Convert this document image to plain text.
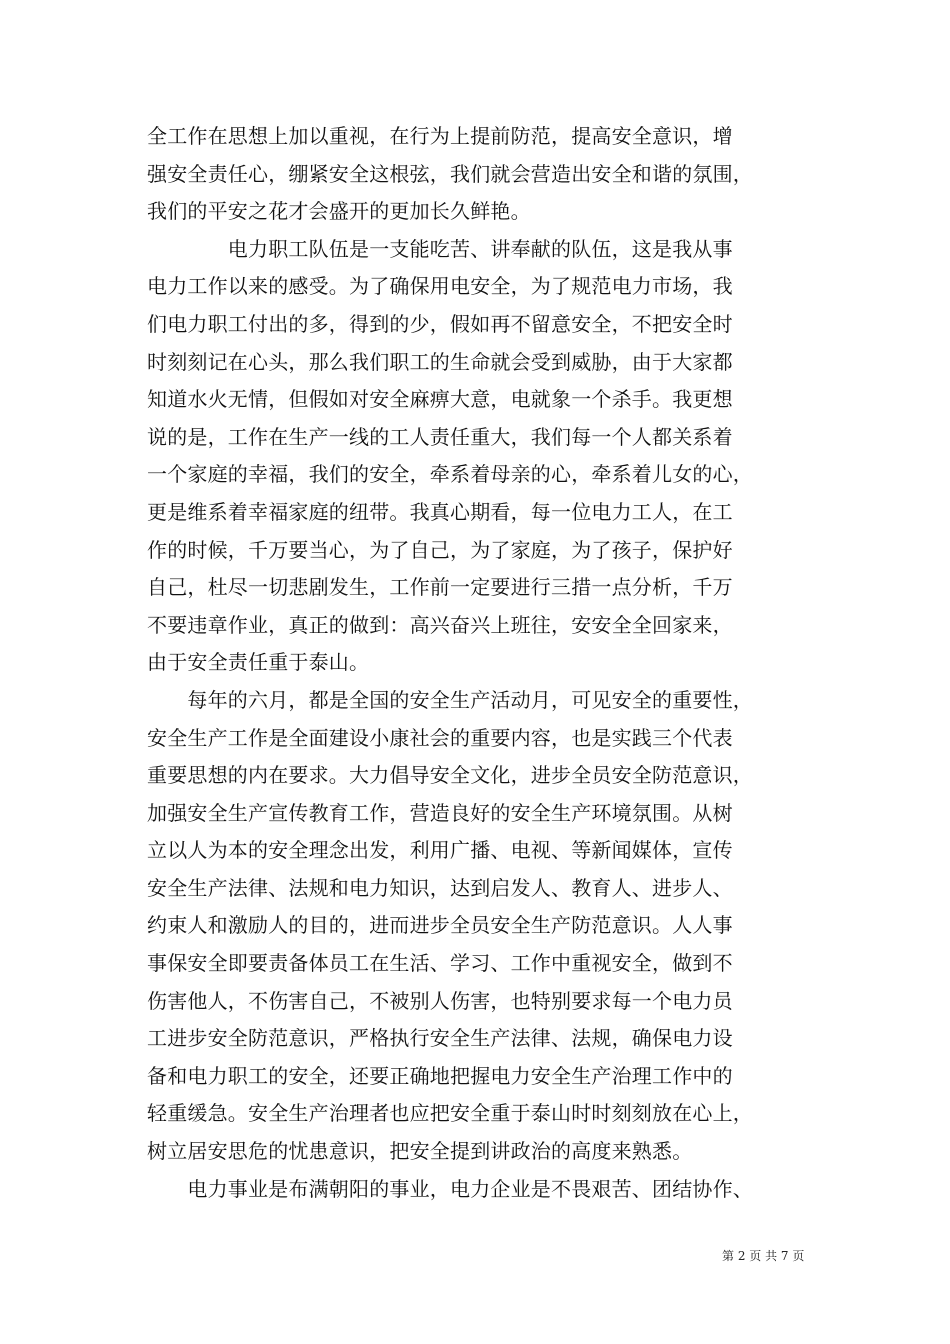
全工作在思想上加以重视，在行为上提前防范，提高安全意识，增
强安全责任心，绷紧安全这根弦，我们就会营造出安全和谐的氛围，
我们的平安之花才会盛开的更加长久鲜艳。
　　　　电力职工队伍是一支能吃苦、讲奉献的队伍，这是我从事
电力工作以来的感受。为了确保用电安全，为了规范电力市场，我
们电力职工付出的多，得到的少，假如再不留意安全，不把安全时
时刻刻记在心头，那么我们职工的生命就会受到威胁，由于大家都
知道水火无情，但假如对安全麻痹大意，电就象一个杀手。我更想
说的是，工作在生产一线的工人责任重大，我们每一个人都关系着
一个家庭的幸福，我们的安全，牵系着母亲的心，牵系着儿女的心，
更是维系着幸福家庭的纽带。我真心期看，每一位电力工人，在工
作的时候，千万要当心，为了自己，为了家庭，为了孩子，保护好
自己，杜尽一切悲剧发生，工作前一定要进行三措一点分析，千万
不要违章作业，真正的做到：高兴奋兴上班往，安安全全回家来，
由于安全责任重于泰山。
　　每年的六月，都是全国的安全生产活动月，可见安全的重要性，
安全生产工作是全面建设小康社会的重要内容，也是实践三个代表
重要思想的内在要求。大力倡导安全文化，进步全员安全防范意识，
加强安全生产宣传教育工作，营造良好的安全生产环境氛围。从树
立以人为本的安全理念出发，利用广播、电视、等新闻媒体，宣传
安全生产法律、法规和电力知识，达到启发人、教育人、进步人、
约束人和激励人的目的，进而进步全员安全生产防范意识。人人事
事保安全即要责备体员工在生活、学习、工作中重视安全，做到不
伤害他人，不伤害自己，不被别人伤害，也特别要求每一个电力员
工进步安全防范意识，严格执行安全生产法律、法规，确保电力设
备和电力职工的安全，还要正确地把握电力安全生产治理工作中的
轻重缓急。安全生产治理者也应把安全重于泰山时时刻刻放在心上，
树立居安思危的忧患意识，把安全提到讲政治的高度来熟悉。
　　电力事业是布满朝阳的事业，电力企业是不畏艰苦、团结协作、
第 2 页 共 7 页
